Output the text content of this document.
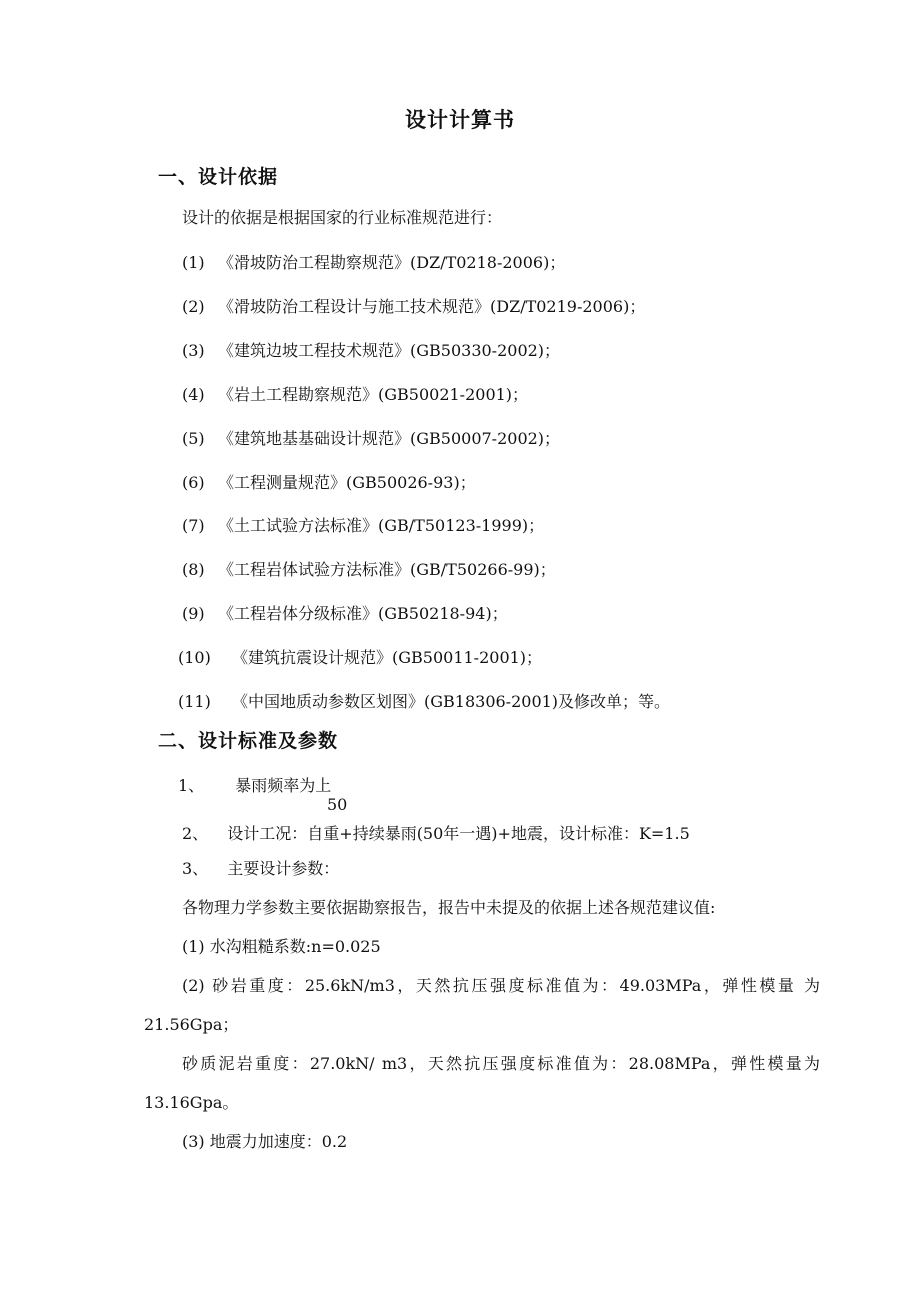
设计计算书
一、设计依据
设计的依据是根据国家的行业标准规范进行：
(1) 《滑坡防治工程勘察规范》(DZ/T0218-2006)；
(2) 《滑坡防治工程设计与施工技术规范》(DZ/T0219-2006)；
(3) 《建筑边坡工程技术规范》(GB50330-2002)；
(4) 《岩土工程勘察规范》(GB50021-2001)；
(5) 《建筑地基基础设计规范》(GB50007-2002)；
(6) 《工程测量规范》(GB50026-93)；
(7) 《土工试验方法标准》(GB/T50123-1999)；
(8) 《工程岩体试验方法标准》(GB/T50266-99)；
(9) 《工程岩体分级标准》(GB50218-94)；
(10) 《建筑抗震设计规范》(GB50011-2001)；
(11) 《中国地质动参数区划图》(GB18306-2001)及修改单；等。
二、设计标准及参数
1、 暴雨频率为上
50
2、 设计工况：自重+持续暴雨(50年一遇)+地震，设计标准：K=1.5
3、 主要设计参数：
各物理力学参数主要依据勘察报告，报告中未提及的依据上述各规范建议值:
(1) 水沟粗糙系数:n=0.025
(2) 砂岩重度：25.6kN/m3，天然抗压强度标准值为：49.03MPa，弹性模量 为
21.56Gpa；
砂质泥岩重度：27.0kN/ m3，天然抗压强度标准值为：28.08MPa，弹性模量为
13.16Gpa。
(3) 地震力加速度：0.2
